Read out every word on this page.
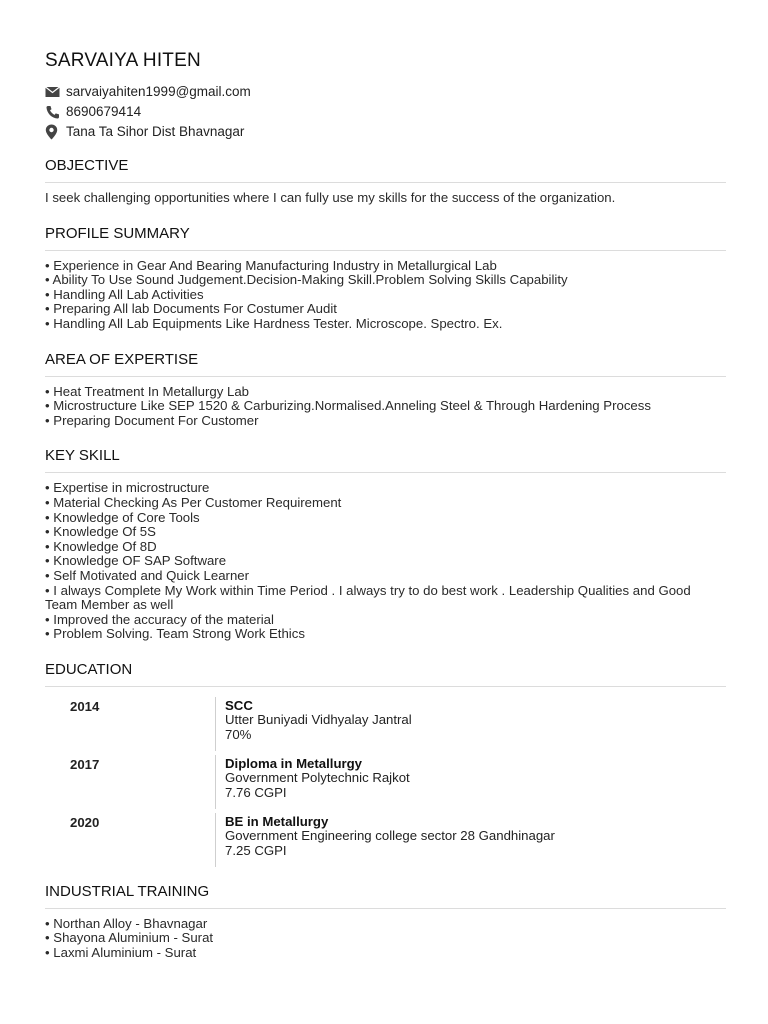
SARVAIYA HITEN
sarvaiyahiten1999@gmail.com
8690679414
Tana Ta Sihor Dist Bhavnagar
OBJECTIVE

I seek challenging opportunities where I can fully use my skills for the success of the organization.

PROFILE SUMMARY

• Experience in Gear And Bearing Manufacturing Industry in Metallurgical Lab

• Ability To Use Sound Judgement.Decision-Making Skill.Problem Solving Skills Capability

• Handling All Lab Activities

• Preparing All lab Documents For Costumer Audit

• Handling All Lab Equipments Like Hardness Tester. Microscope. Spectro. Ex.

AREA OF EXPERTISE

• Heat Treatment In Metallurgy Lab

• Microstructure Like SEP 1520 & Carburizing.Normalised.Anneling Steel & Through Hardening Process

• Preparing Document For Customer

KEY SKILL

• Expertise in microstructure

• Material Checking As Per Customer Requirement

• Knowledge of Core Tools

• Knowledge Of 5S

• Knowledge Of 8D

• Knowledge OF SAP Software

• Self Motivated and Quick Learner

• I always Complete My Work within Time Period . I always try to do best work . Leadership Qualities and Good Team Member as well

• Improved the accuracy of the material

• Problem Solving. Team Strong Work Ethics

EDUCATION
2014	SCC
Utter Buniyadi Vidhyalay Jantral
70%
2017	Diploma in Metallurgy
Government Polytechnic Rajkot
7.76 CGPI
2020	BE in Metallurgy
Government Engineering college sector 28 Gandhinagar
7.25 CGPI
INDUSTRIAL TRAINING

• Northan Alloy - Bhavnagar

• Shayona Aluminium - Surat

• Laxmi Aluminium - Surat
